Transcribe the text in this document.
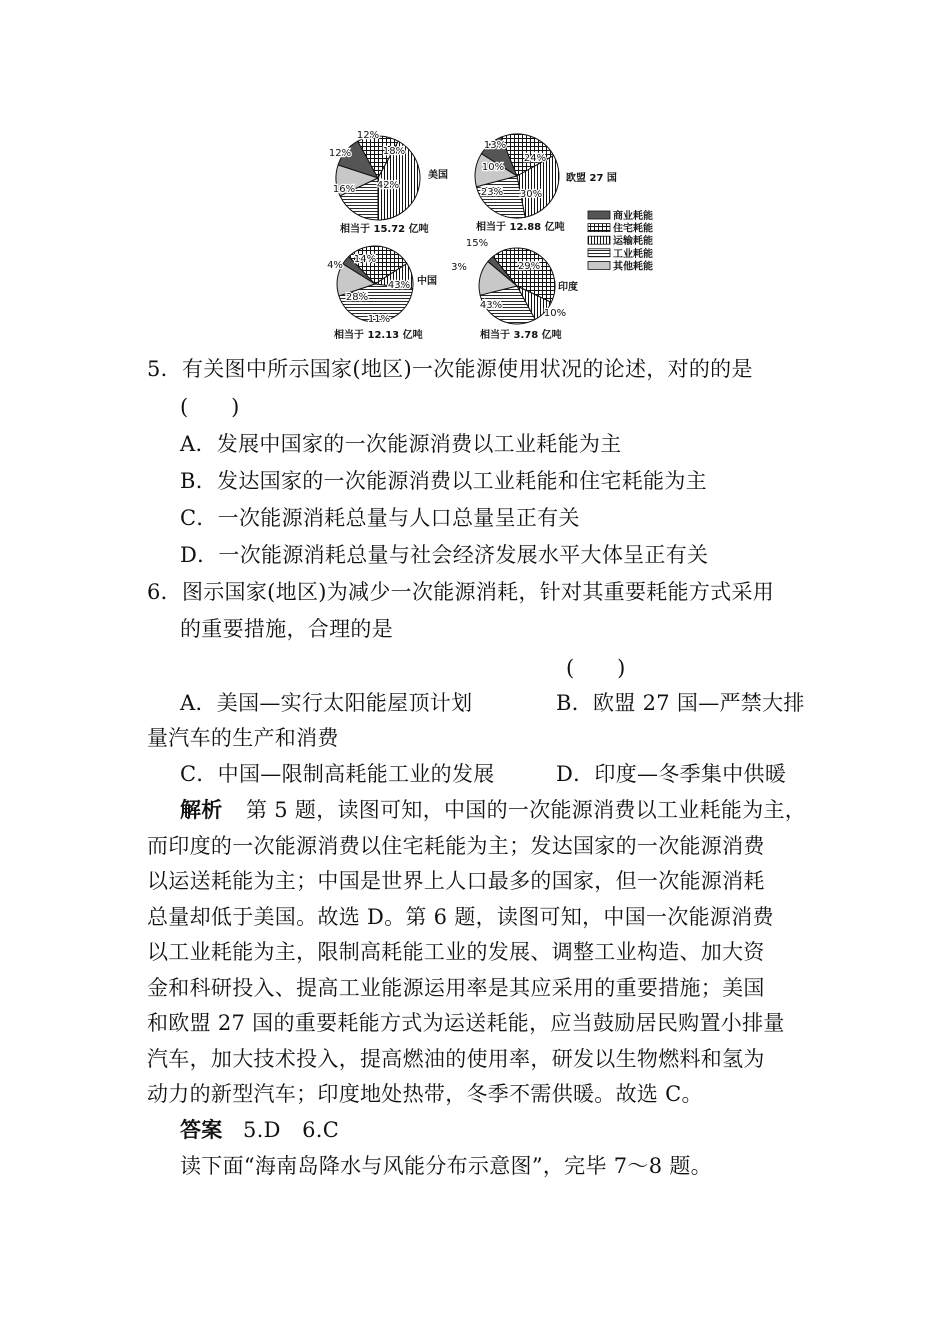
12%
16% 42%
18%
12%
美国
相当于 15.72 亿吨
10%
23% 30%
24%
13%
欧盟 27 国
相当于 12.88 亿吨
4%
28%
11%
43%
14%
中国
相当于 12.13 亿吨
3%
43%
10%
29%
15%
印度
相当于 3.78 亿吨
商业耗能
住宅耗能
运输耗能
工业耗能
其他耗能
5．有关图中所示国家(地区)一次能源使用状况的论述，对的的是
(　　)
A．发展中国家的一次能源消费以工业耗能为主
B．发达国家的一次能源消费以工业耗能和住宅耗能为主
C．一次能源消耗总量与人口总量呈正有关
D．一次能源消耗总量与社会经济发展水平大体呈正有关
6．图示国家(地区)为减少一次能源消耗，针对其重要耗能方式采用
的重要措施，合理的是
(　　)
A．美国—实行太阳能屋顶计划	B．欧盟 27 国—严禁大排
量汽车的生产和消费
C．中国—限制高耗能工业的发展	D．印度—冬季集中供暖
解析 第 5 题，读图可知，中国的一次能源消费以工业耗能为主，
而印度的一次能源消费以住宅耗能为主；发达国家的一次能源消费
以运送耗能为主；中国是世界上人口最多的国家，但一次能源消耗
总量却低于美国。故选 D。第 6 题，读图可知，中国一次能源消费
以工业耗能为主，限制高耗能工业的发展、调整工业构造、加大资
金和科研投入、提高工业能源运用率是其应采用的重要措施；美国
和欧盟 27 国的重要耗能方式为运送耗能，应当鼓励居民购置小排量
汽车，加大技术投入，提高燃油的使用率，研发以生物燃料和氢为
动力的新型汽车；印度地处热带，冬季不需供暖。故选 C。
答案 5.D　6.C
读下面“海南岛降水与风能分布示意图”，完毕 7～8 题。
